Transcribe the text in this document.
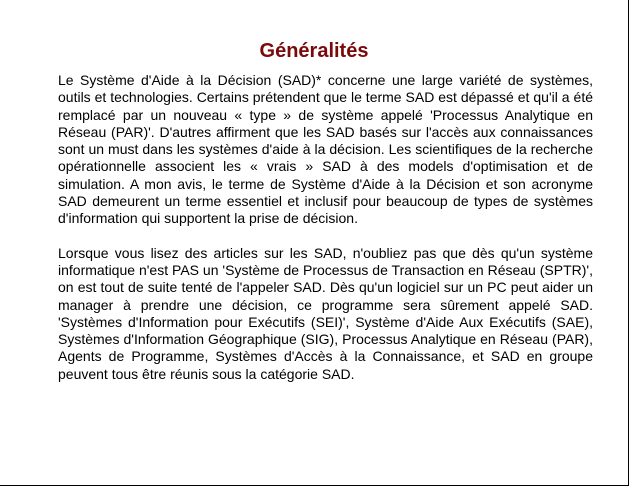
Généralités

Le Système d'Aide à la Décision (SAD)* concerne une large variété de systèmes, outils et technologies. Certains prétendent que le terme SAD est dépassé et qu'il a été remplacé par un nouveau « type » de système appelé 'Processus Analytique en Réseau (PAR)'. D'autres affirment que les SAD basés sur l'accès aux connaissances sont un must dans les systèmes d'aide à la décision. Les scientifiques de la recherche opérationnelle associent les « vrais » SAD à des models d'optimisation et de simulation. A mon avis, le terme de Système d'Aide à la Décision et son acronyme SAD demeurent un terme essentiel et inclusif pour beaucoup de types de systèmes d'information qui supportent la prise de décision.

Lorsque vous lisez des articles sur les SAD, n'oubliez pas que dès qu'un système informatique n'est PAS un 'Système de Processus de Transaction en Réseau (SPTR)', on est tout de suite tenté de l'appeler SAD. Dès qu'un logiciel sur un PC peut aider un manager à prendre une décision, ce programme sera sûrement appelé SAD. 'Systèmes d'Information pour Exécutifs (SEI)', Système d'Aide Aux Exécutifs (SAE), Systèmes d'Information Géographique (SIG), Processus Analytique en Réseau (PAR), Agents de Programme, Systèmes d'Accès à la Connaissance, et SAD en groupe peuvent tous être réunis sous la catégorie SAD.
